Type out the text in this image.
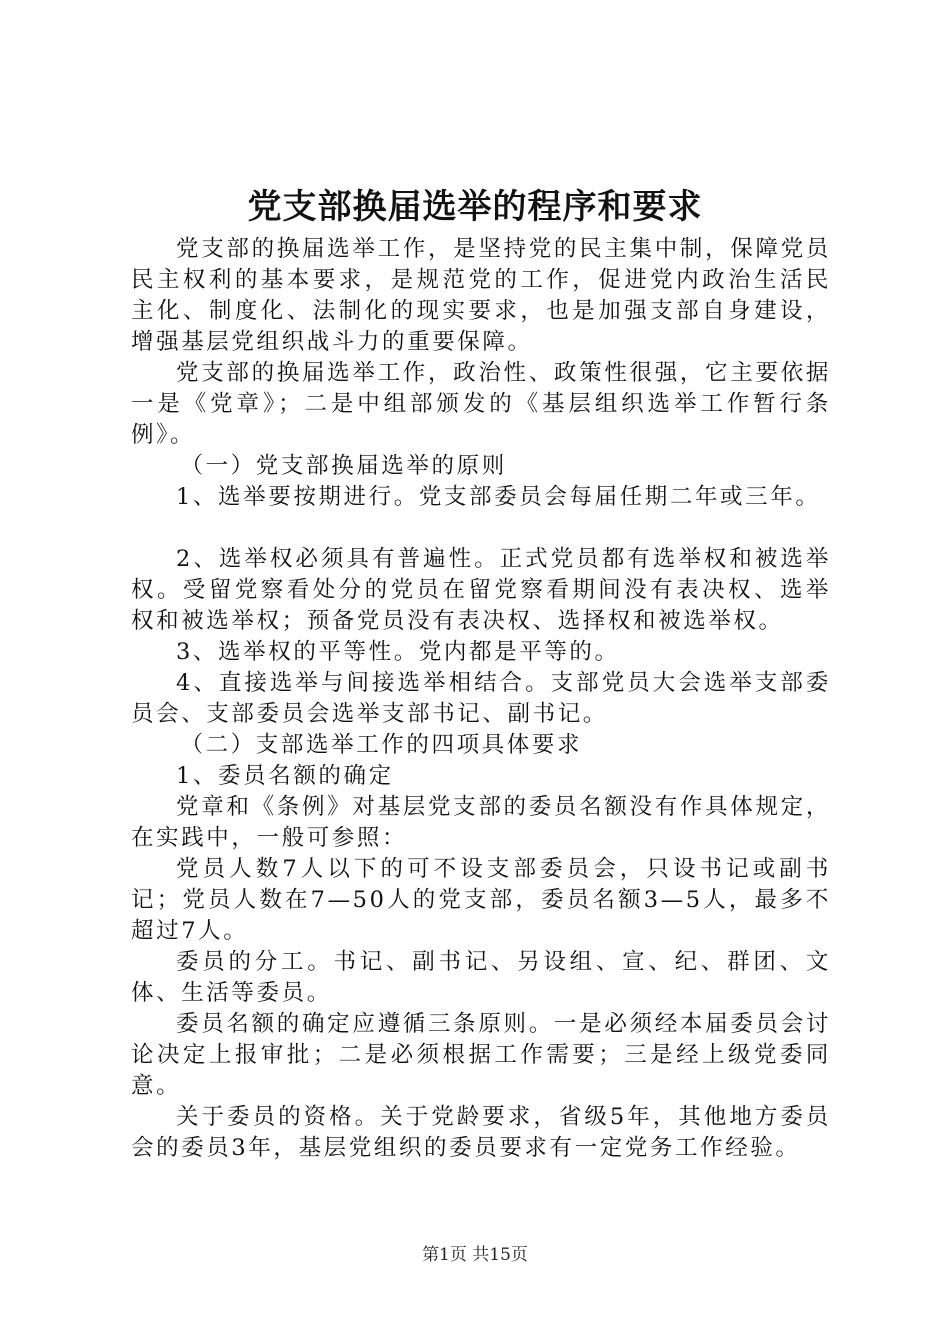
党支部换届选举的程序和要求

党支部的换届选举工作，是坚持党的民主集中制，保障党员民主权利的基本要求，是规范党的工作，促进党内政治生活民主化、制度化、法制化的现实要求，也是加强支部自身建设，增强基层党组织战斗力的重要保障。

党支部的换届选举工作，政治性、政策性很强，它主要依据一是《党章》；二是中组部颁发的《基层组织选举工作暂行条例》。

（一）党支部换届选举的原则

1、选举要按期进行。党支部委员会每届任期二年或三年。

2、选举权必须具有普遍性。正式党员都有选举权和被选举权。受留党察看处分的党员在留党察看期间没有表决权、选举权和被选举权；预备党员没有表决权、选择权和被选举权。

3、选举权的平等性。党内都是平等的。

4、直接选举与间接选举相结合。支部党员大会选举支部委员会、支部委员会选举支部书记、副书记。

（二）支部选举工作的四项具体要求

1、委员名额的确定

党章和《条例》对基层党支部的委员名额没有作具体规定，在实践中，一般可参照：

党员人数7人以下的可不设支部委员会，只设书记或副书记；党员人数在7—50人的党支部，委员名额3—5人，最多不超过7人。

委员的分工。书记、副书记、另设组、宣、纪、群团、文体、生活等委员。

委员名额的确定应遵循三条原则。一是必须经本届委员会讨论决定上报审批；二是必须根据工作需要；三是经上级党委同意。

关于委员的资格。关于党龄要求，省级5年，其他地方委员会的委员3年，基层党组织的委员要求有一定党务工作经验。

第1页 共15页
